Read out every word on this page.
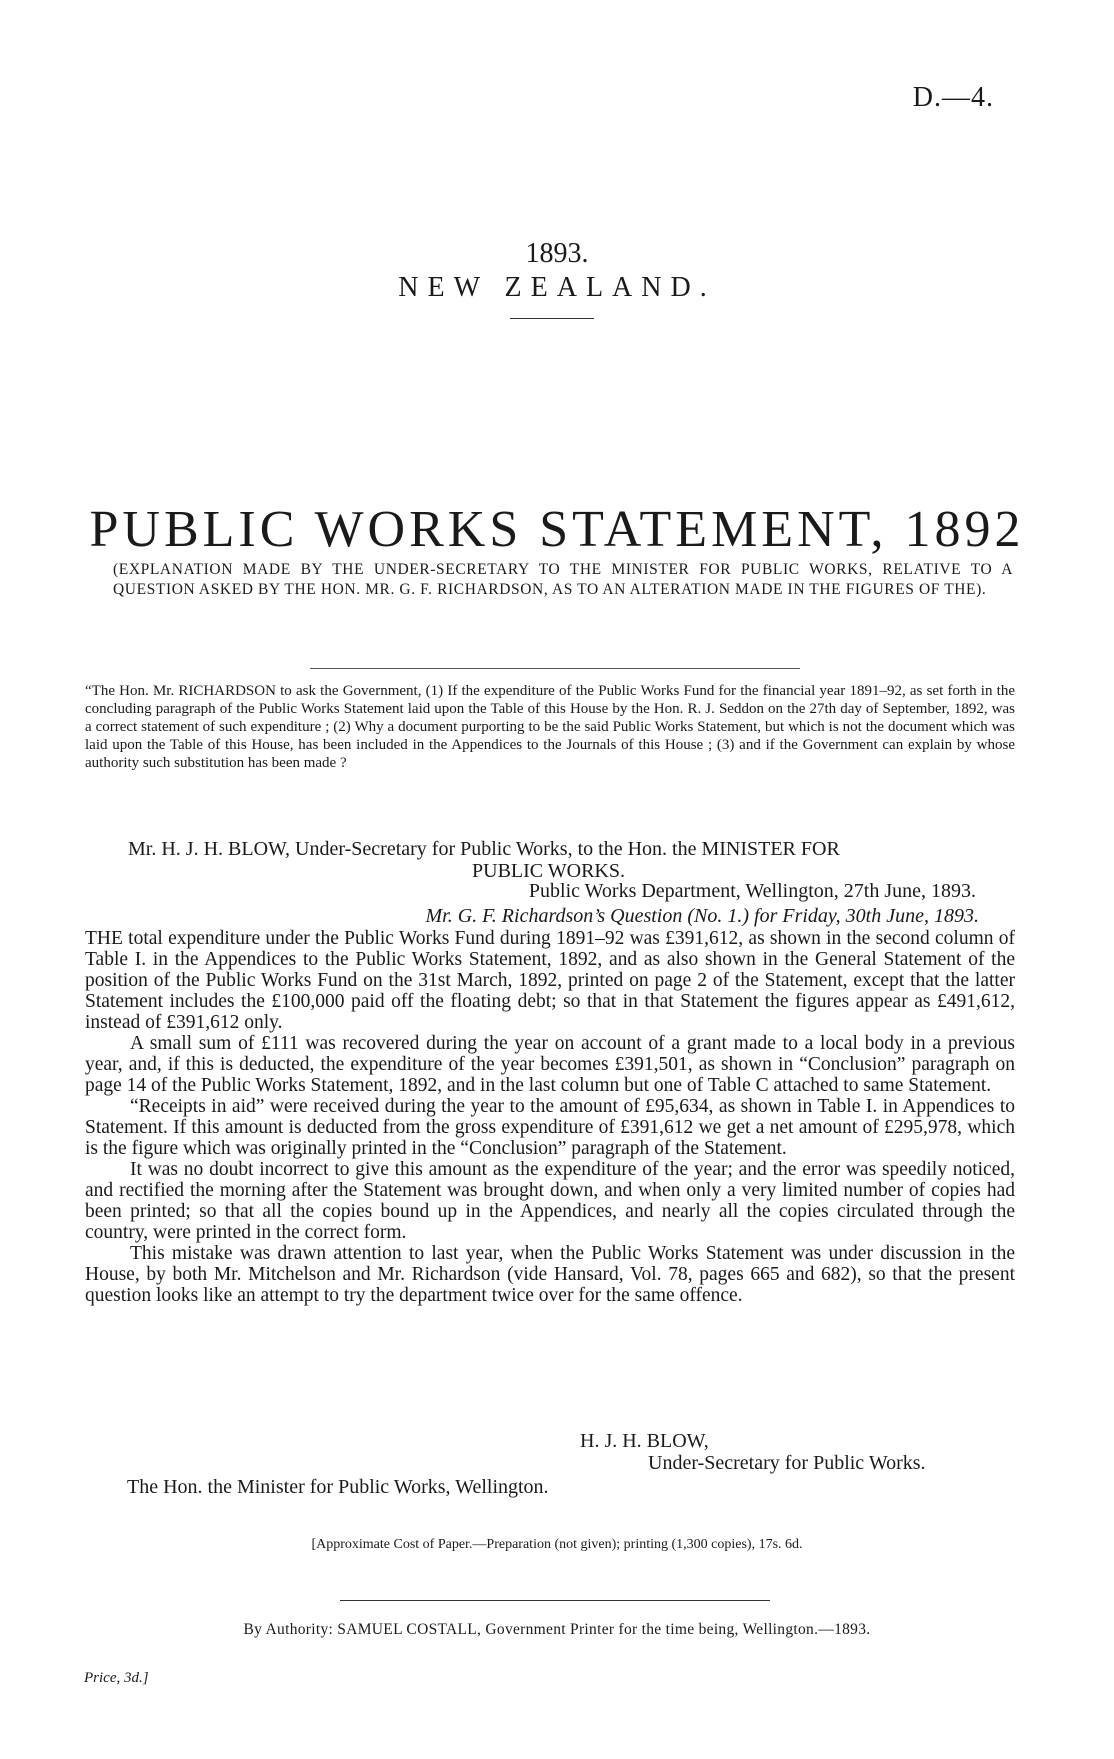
D.—4.
1893.
NEW ZEALAND.
PUBLIC WORKS STATEMENT, 1892
(EXPLANATION MADE BY THE UNDER-SECRETARY TO THE MINISTER FOR PUBLIC WORKS, RELATIVE TO A QUESTION ASKED BY THE HON. MR. G. F. RICHARDSON, AS TO AN ALTERATION MADE IN THE FIGURES OF THE).
“The Hon. Mr. RICHARDSON to ask the Government, (1) If the expenditure of the Public Works Fund for the financial year 1891–92, as set forth in the concluding paragraph of the Public Works Statement laid upon the Table of this House by the Hon. R. J. Seddon on the 27th day of September, 1892, was a correct statement of such expenditure ; (2) Why a document purporting to be the said Public Works Statement, but which is not the document which was laid upon the Table of this House, has been included in the Appendices to the Journals of this House ; (3) and if the Government can explain by whose authority such substitution has been made ?
Mr. H. J. H. BLOW, Under-Secretary for Public Works, to the Hon. the MINISTER FOR
PUBLIC WORKS.
Public Works Department, Wellington, 27th June, 1893.
Mr. G. F. Richardson’s Question (No. 1.) for Friday, 30th June, 1893.

THE total expenditure under the Public Works Fund during 1891–92 was £391,612, as shown in the second column of Table I. in the Appendices to the Public Works Statement, 1892, and as also shown in the General Statement of the position of the Public Works Fund on the 31st March, 1892, printed on page 2 of the Statement, except that the latter Statement includes the £100,000 paid off the floating debt; so that in that Statement the figures appear as £491,612, instead of £391,612 only.

A small sum of £111 was recovered during the year on account of a grant made to a local body in a previous year, and, if this is deducted, the expenditure of the year becomes £391,501, as shown in “Conclusion” paragraph on page 14 of the Public Works Statement, 1892, and in the last column but one of Table C attached to same Statement.

“Receipts in aid” were received during the year to the amount of £95,634, as shown in Table I. in Appendices to Statement. If this amount is deducted from the gross expenditure of £391,612 we get a net amount of £295,978, which is the figure which was originally printed in the “Conclusion” paragraph of the Statement.

It was no doubt incorrect to give this amount as the expenditure of the year; and the error was speedily noticed, and rectified the morning after the Statement was brought down, and when only a very limited number of copies had been printed; so that all the copies bound up in the Appendices, and nearly all the copies circulated through the country, were printed in the correct form.

This mistake was drawn attention to last year, when the Public Works Statement was under discussion in the House, by both Mr. Mitchelson and Mr. Richardson (vide Hansard, Vol. 78, pages 665 and 682), so that the present question looks like an attempt to try the department twice over for the same offence.

H. J. H. BLOW,
Under-Secretary for Public Works.
The Hon. the Minister for Public Works, Wellington.
[Approximate Cost of Paper.—Preparation (not given); printing (1,300 copies), 17s. 6d.
By Authority: SAMUEL COSTALL, Government Printer for the time being, Wellington.—1893.
Price, 3d.]
